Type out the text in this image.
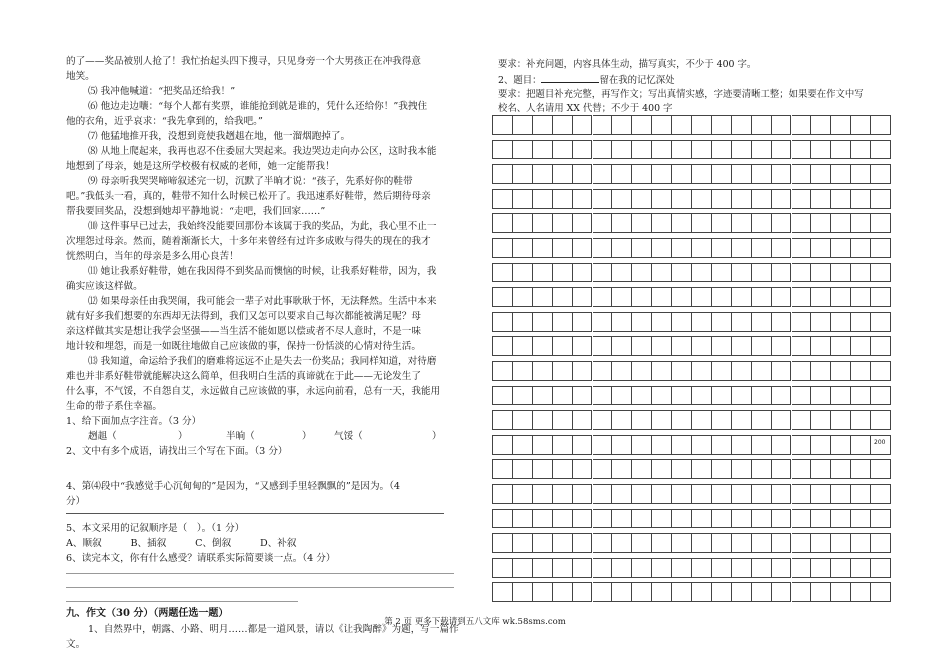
的了——奖品被别人抢了！我忙抬起头四下搜寻，只见身旁一个大男孩正在冲我得意
地笑。
⑸ 我冲他喊道：“把奖品还给我！”
⑹ 他边走边嚷：“每个人都有奖票，谁能抢到就是谁的，凭什么还给你！”我拽住
他的衣角，近乎哀求：“我先拿到的，给我吧。”
⑺ 他猛地推开我，没想到竟使我趔趄在地，他一溜烟跑掉了。
⑻ 从地上爬起来，我再也忍不住委屈大哭起来。我边哭边走向办公区，这时我本能
地想到了母亲，她是这所学校极有权威的老师，她一定能帮我！
⑼ 母亲听我哭哭啼啼叙述完一切，沉默了半晌才说：“孩子，先系好你的鞋带
吧。”我低头一看，真的，鞋带不知什么时候已松开了。我迅速系好鞋带，然后期待母亲
帮我要回奖品，没想到她却平静地说：“走吧，我们回家……”
⑽ 这件事早已过去，我始终没能要回那份本该属于我的奖品，为此，我心里不止一
次埋怨过母亲。然而，随着渐渐长大，十多年来曾经有过许多成败与得失的现在的我才
恍然明白，当年的母亲是多么用心良苦！
⑾ 她让我系好鞋带，她在我因得不到奖品而懊恼的时候，让我系好鞋带，因为，我
确实应该这样做。
⑿ 如果母亲任由我哭闹，我可能会一辈子对此事耿耿于怀，无法释然。生活中本来
就有好多我们想要的东西却无法得到，我们又怎可以要求自己每次都能被满足呢？母
亲这样做其实是想让我学会坚强——当生活不能如愿以偿或者不尽人意时，不是一味
地计较和埋怨，而是一如既往地做自己应该做的事，保持一份恬淡的心情对待生活。
⒀ 我知道，命运给予我们的磨难将远远不止是失去一份奖品；我同样知道，对待磨
难也并非系好鞋带就能解决这么简单，但我明白生活的真谛就在于此——无论发生了
什么事，不气馁，不自怨自艾，永远做自己应该做的事，永远向前看，总有一天，我能用
生命的带子系住幸福。
1、给下面加点字注音。（3 分）
趔趄（	）	半晌（	） 气馁（	）
2、文中有多个成语，请找出三个写在下面。（3 分）
4、第⑷段中“我感觉手心沉甸甸的”是因为，“又感到手里轻飘飘的”是因为。（4
分）
5、本文采用的记叙顺序是（　）。（1 分）
A、顺叙　　　B、插叙　　　C、倒叙　　　D、补叙
6、读完本文，你有什么感受？请联系实际简要谈一点。（4 分）
九、作文（30 分）（两题任选一题）
1、自然界中，朝露、小路、明月……都是一道风景，请以《让我陶醉》为题，写一篇作
文。
要求：补充问题，内容具体生动，描写真实，不少于 400 字。
2、题目：	留在我的记忆深处
要求：把题目补充完整，再写作文；写出真情实感，字迹要清晰工整；如果要在作文中写
校名、人名请用 XX 代替；不少于 400 字
200
第 2 页 更多下载请到五八文库 wk.58sms.com
